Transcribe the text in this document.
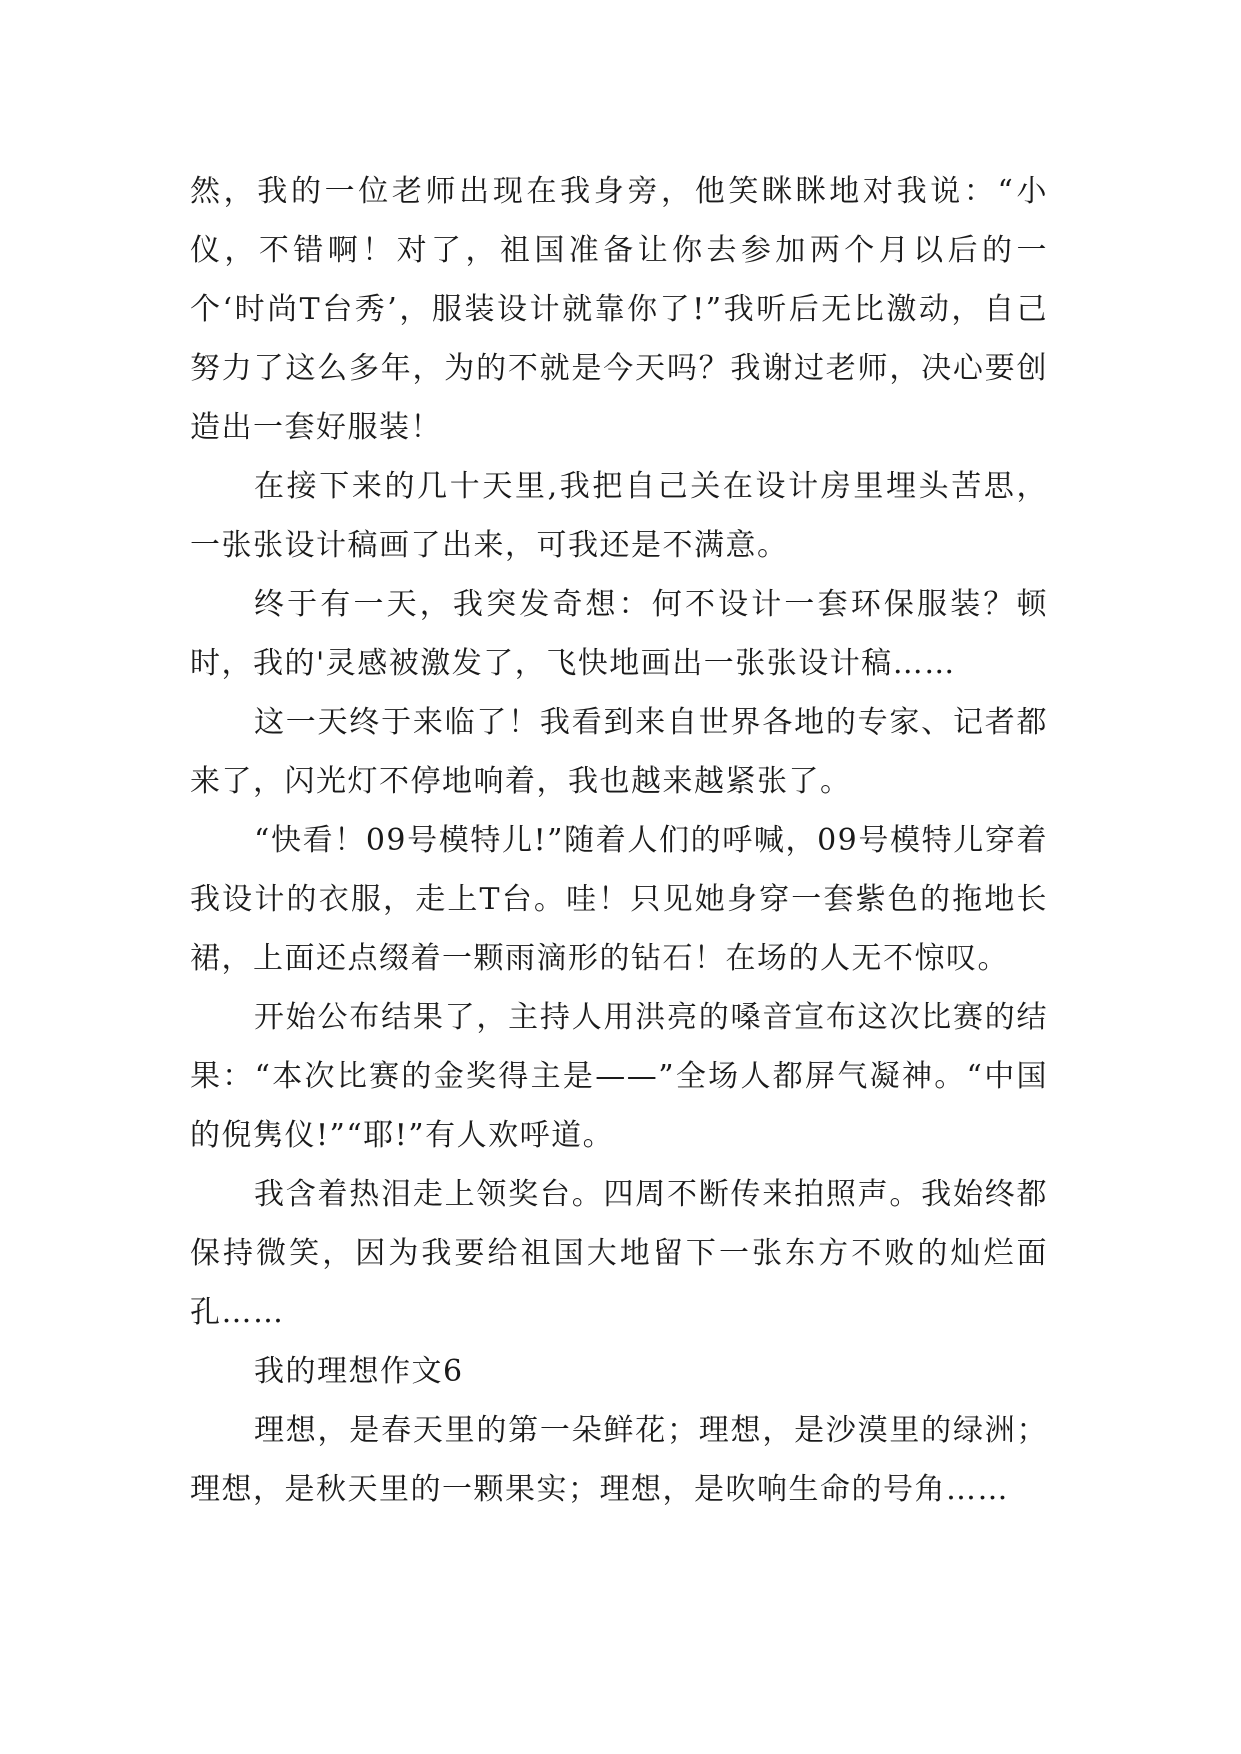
然，我的一位老师出现在我身旁，他笑眯眯地对我说：“小仪，不错啊！对了，祖国准备让你去参加两个月以后的一个‘时尚T台秀’，服装设计就靠你了!”我听后无比激动，自己努力了这么多年，为的不就是今天吗？我谢过老师，决心要创造出一套好服装！

在接下来的几十天里,我把自己关在设计房里埋头苦思，一张张设计稿画了出来，可我还是不满意。

终于有一天，我突发奇想：何不设计一套环保服装？顿时，我的'灵感被激发了，飞快地画出一张张设计稿……

这一天终于来临了！我看到来自世界各地的专家、记者都来了，闪光灯不停地响着，我也越来越紧张了。

“快看！09号模特儿!”随着人们的呼喊，09号模特儿穿着我设计的衣服，走上T台。哇！只见她身穿一套紫色的拖地长裙，上面还点缀着一颗雨滴形的钻石！在场的人无不惊叹。

开始公布结果了，主持人用洪亮的嗓音宣布这次比赛的结果：“本次比赛的金奖得主是——”全场人都屏气凝神。“中国的倪隽仪!”“耶!”有人欢呼道。

我含着热泪走上领奖台。四周不断传来拍照声。我始终都保持微笑，因为我要给祖国大地留下一张东方不败的灿烂面孔……

我的理想作文6

理想，是春天里的第一朵鲜花；理想，是沙漠里的绿洲；理想，是秋天里的一颗果实；理想，是吹响生命的号角……
